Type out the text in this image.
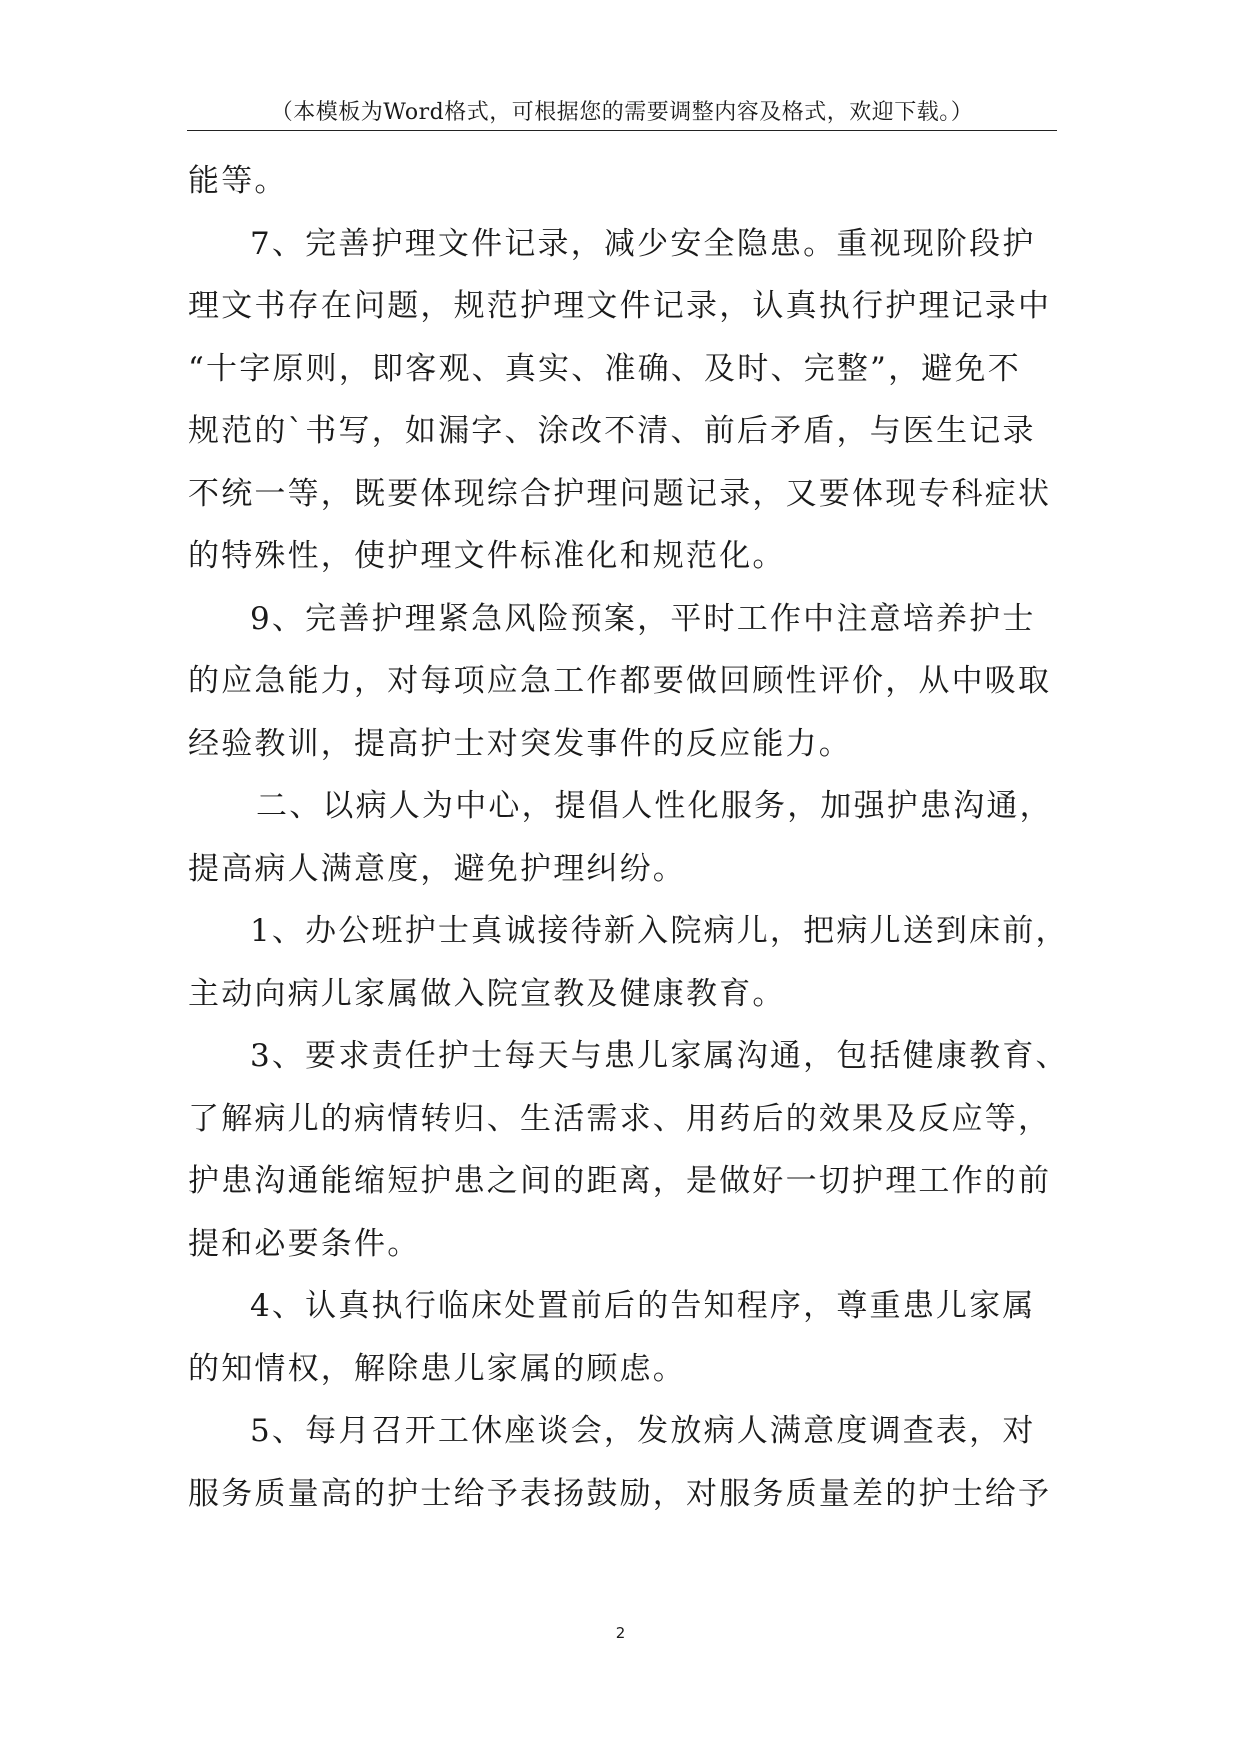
（本模板为Word格式，可根据您的需要调整内容及格式，欢迎下载。）
能等。
7、完善护理文件记录，减少安全隐患。重视现阶段护
理文书存在问题，规范护理文件记录，认真执行护理记录中
“十字原则，即客观、真实、准确、及时、完整”，避免不
规范的`书写，如漏字、涂改不清、前后矛盾，与医生记录
不统一等，既要体现综合护理问题记录，又要体现专科症状
的特殊性，使护理文件标准化和规范化。
9、完善护理紧急风险预案，平时工作中注意培养护士
的应急能力，对每项应急工作都要做回顾性评价，从中吸取
经验教训，提高护士对突发事件的反应能力。
二、以病人为中心，提倡人性化服务，加强护患沟通，
提高病人满意度，避免护理纠纷。
1、办公班护士真诚接待新入院病儿，把病儿送到床前，
主动向病儿家属做入院宣教及健康教育。
3、要求责任护士每天与患儿家属沟通，包括健康教育、
了解病儿的病情转归、生活需求、用药后的效果及反应等，
护患沟通能缩短护患之间的距离，是做好一切护理工作的前
提和必要条件。
4、认真执行临床处置前后的告知程序，尊重患儿家属
的知情权，解除患儿家属的顾虑。
5、每月召开工休座谈会，发放病人满意度调查表，对
服务质量高的护士给予表扬鼓励，对服务质量差的护士给予
2
